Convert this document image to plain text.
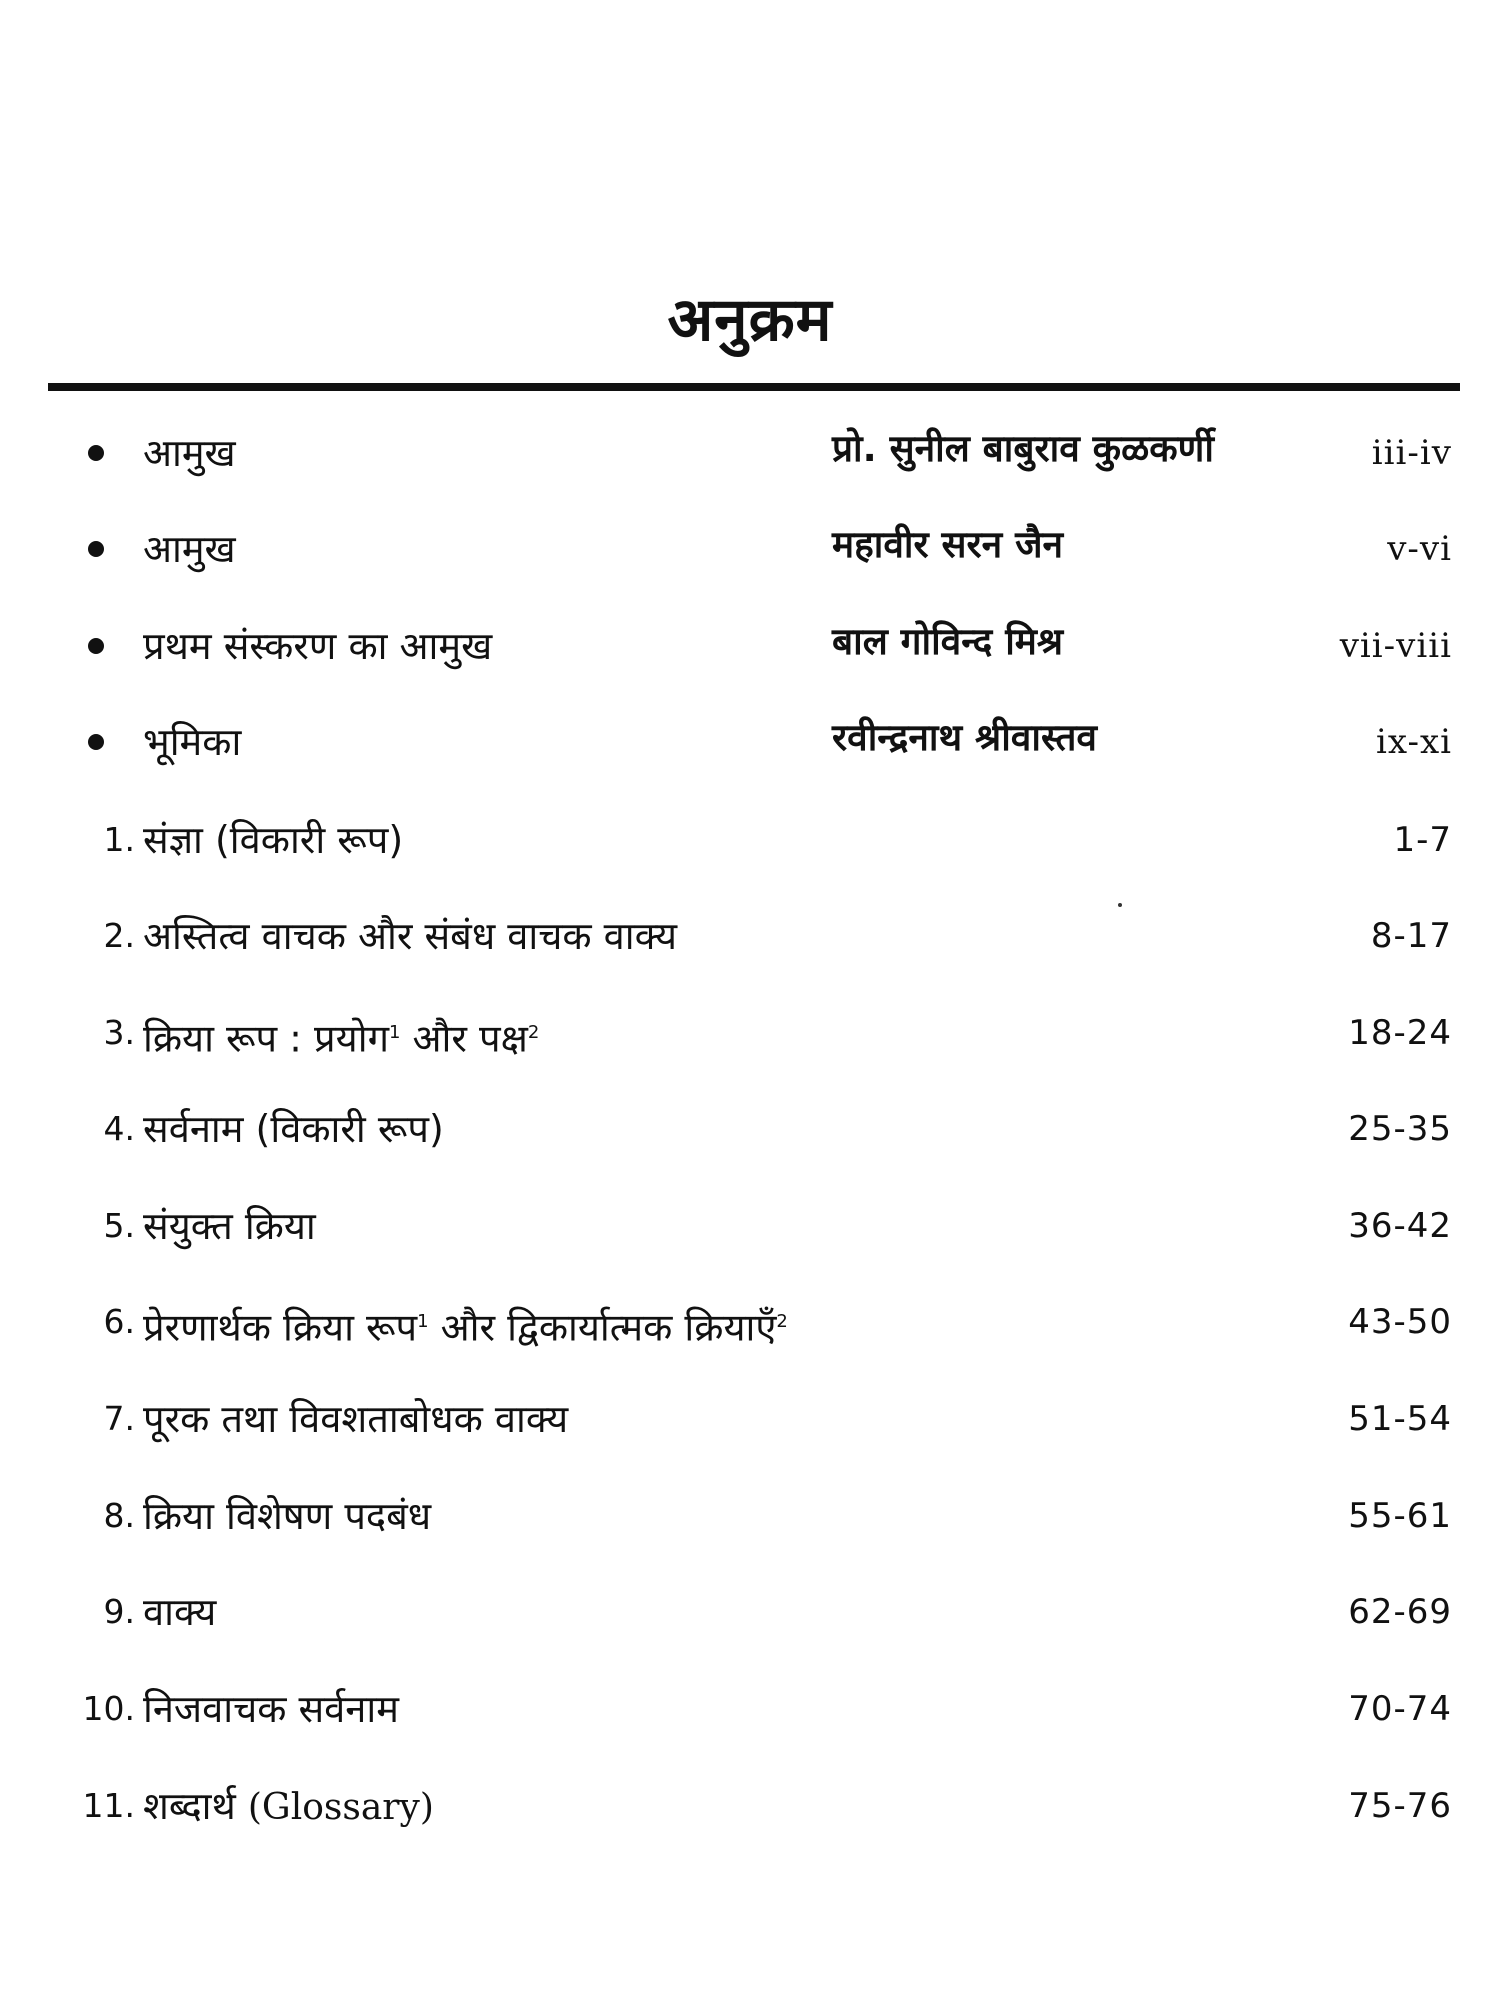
अनुक्रम
आमुख	प्रो. सुनील बाबुराव कुळकर्णी	iii-iv
आमुख	महावीर सरन जैन	v-vi
प्रथम संस्करण का आमुख	बाल गोविन्द मिश्र	vii-viii
भूमिका	रवीन्द्रनाथ श्रीवास्तव	ix-xi
1. संज्ञा (विकारी रूप)	1-7
2. अस्तित्व वाचक और संबंध वाचक वाक्य	8-17
3. क्रिया रूप : प्रयोग$^1$ और पक्ष$^2$	18-24
4. सर्वनाम (विकारी रूप)	25-35
5. संयुक्त क्रिया	36-42
6. प्रेरणार्थक क्रिया रूप$^1$ और द्विकार्यात्मक क्रियाएँ$^2$	43-50
7. पूरक तथा विवशताबोधक वाक्य	51-54
8. क्रिया विशेषण पदबंध	55-61
9. वाक्य	62-69
10. निजवाचक सर्वनाम	70-74
11. शब्दार्थ (Glossary)	75-76
